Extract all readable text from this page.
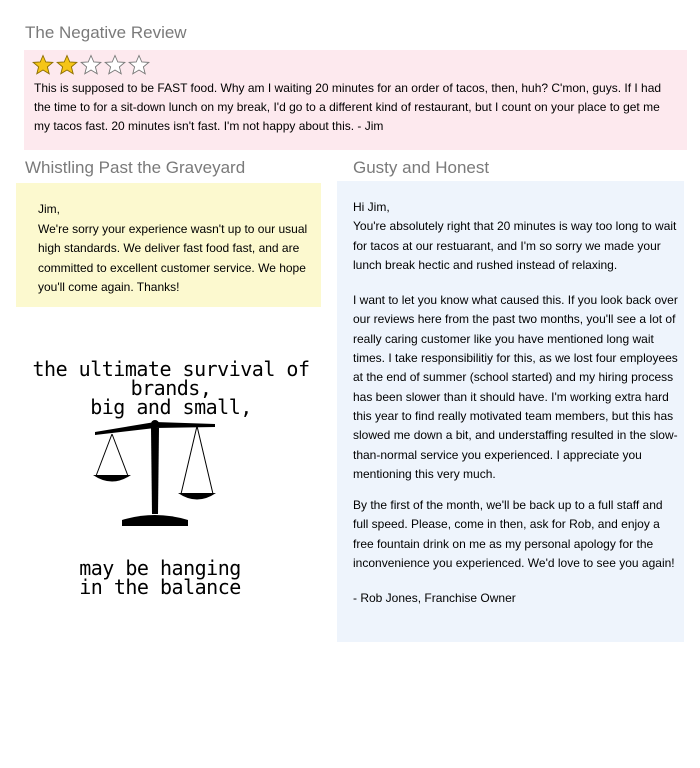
The Negative Review

This is supposed to be FAST food. Why am I waiting 20 minutes for an order of tacos, then, huh? C'mon, guys. If I had the time to for a sit-down lunch on my break, I'd go to a different kind of restaurant, but I count on your place to get me my tacos fast. 20 minutes isn't fast. I'm not happy about this. - Jim

Whistling Past the Graveyard

Jim,

We're sorry your experience wasn't up to our usual high standards. We deliver fast food fast, and are committed to excellent customer service. We hope you'll come again. Thanks!

Gusty and Honest

Hi Jim,

You're absolutely right that 20 minutes is way too long to wait for tacos at our restuarant, and I'm so sorry we made your lunch break hectic and rushed instead of relaxing.

I want to let you know what caused this. If you look back over our reviews here from the past two months, you'll see a lot of really caring customer like you have mentioned long wait times. I take responsibilitiy for this, as we lost four employees at the end of summer (school started) and my hiring process has been slower than it should have. I'm working extra hard this year to find really motivated team members, but this has slowed me down a bit, and understaffing resulted in the slow-than-normal service you experienced. I appreciate you mentioning this very much.

By the first of the month, we'll be back up to a full staff and full speed. Please, come in then, ask for Rob, and enjoy a free fountain drink on me as my personal apology for the inconvenience you experienced. We'd love to see you again!

- Rob Jones, Franchise Owner

the ultimate survival of brands,
big and small,
may be hanging
in the balance
